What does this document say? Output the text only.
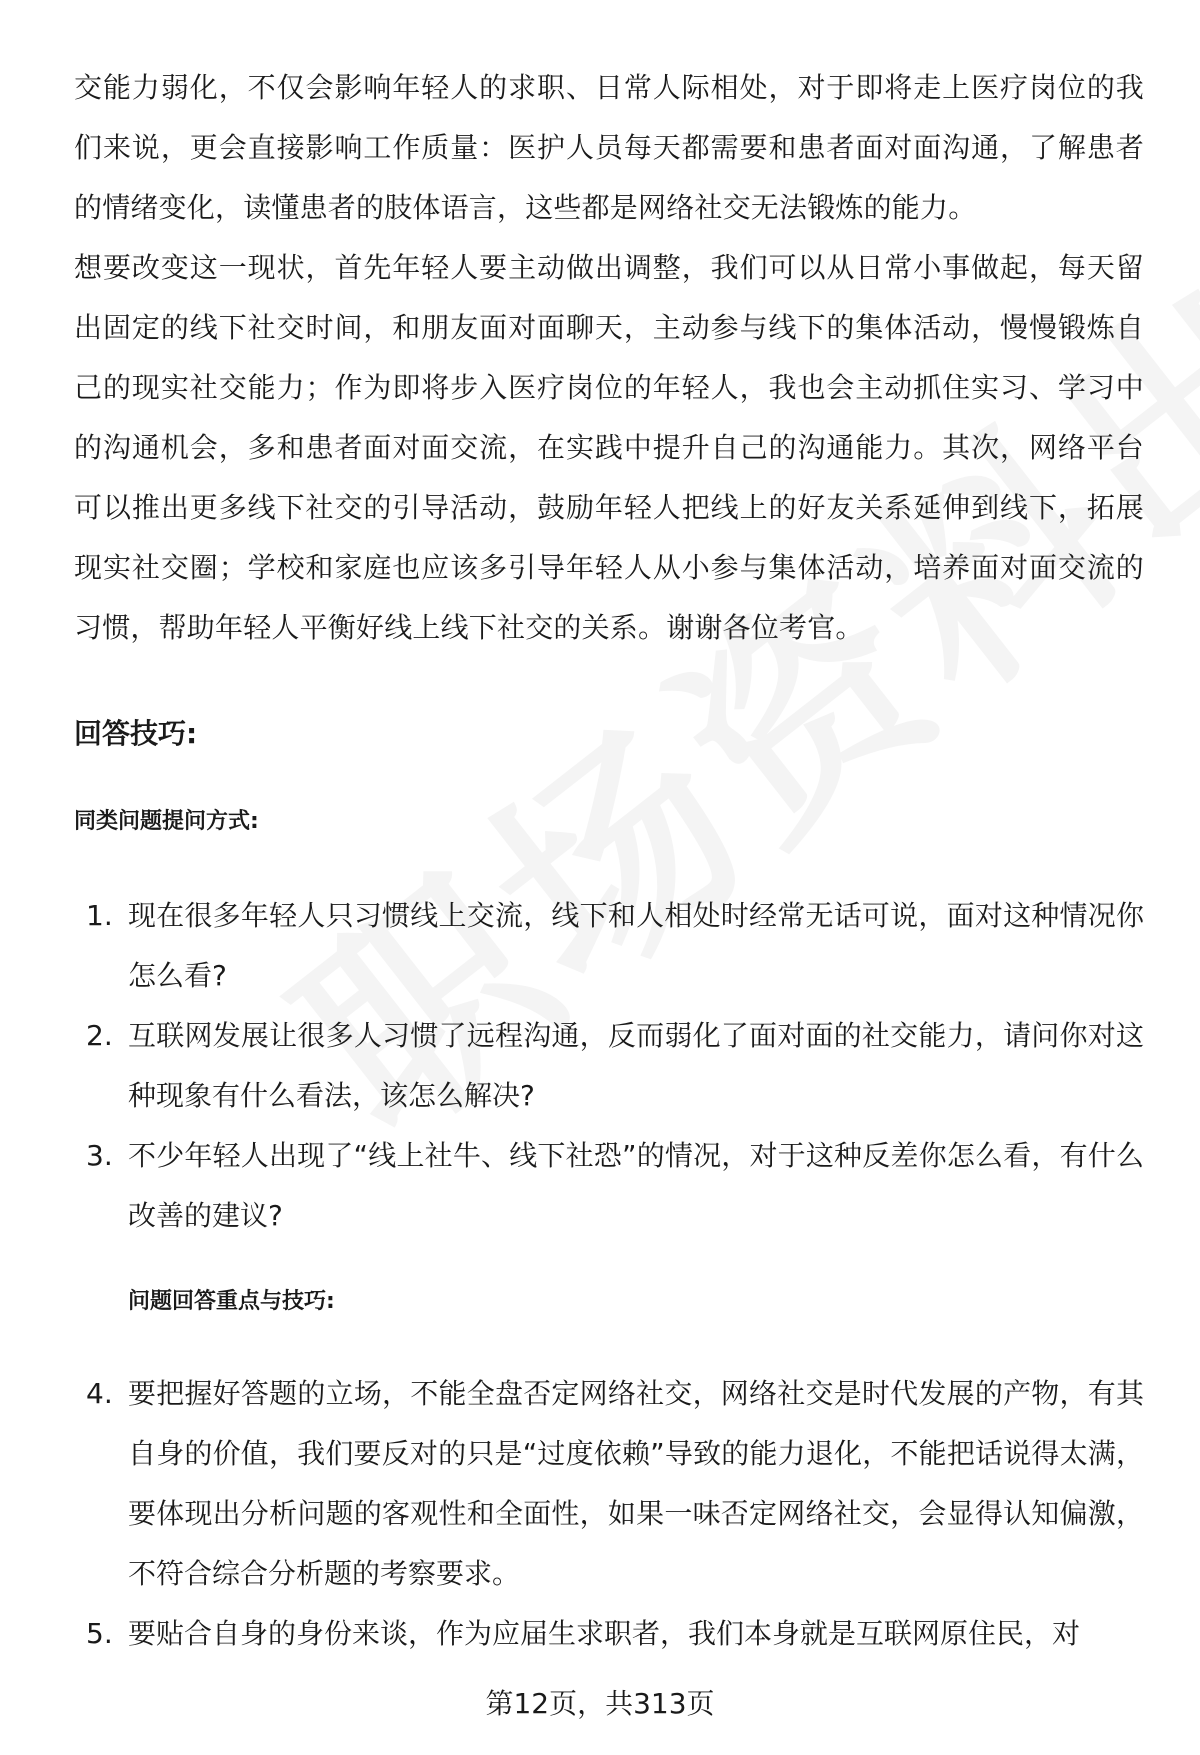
交能力弱化，不仅会影响年轻人的求职、日常人际相处，对于即将走上医疗岗位的我们来说，更会直接影响工作质量：医护人员每天都需要和患者面对面沟通，了解患者的情绪变化，读懂患者的肢体语言，这些都是网络社交无法锻炼的能力。

想要改变这一现状，首先年轻人要主动做出调整，我们可以从日常小事做起，每天留出固定的线下社交时间，和朋友面对面聊天，主动参与线下的集体活动，慢慢锻炼自己的现实社交能力；作为即将步入医疗岗位的年轻人，我也会主动抓住实习、学习中的沟通机会，多和患者面对面交流，在实践中提升自己的沟通能力。其次，网络平台可以推出更多线下社交的引导活动，鼓励年轻人把线上的好友关系延伸到线下，拓展现实社交圈；学校和家庭也应该多引导年轻人从小参与集体活动，培养面对面交流的习惯，帮助年轻人平衡好线上线下社交的关系。谢谢各位考官。

回答技巧:
同类问题提问方式:
1. 现在很多年轻人只习惯线上交流，线下和人相处时经常无话可说，面对这种情况你怎么看?
2. 互联网发展让很多人习惯了远程沟通，反而弱化了面对面的社交能力，请问你对这种现象有什么看法，该怎么解决?
3. 不少年轻人出现了“线上社牛、线下社恐”的情况，对于这种反差你怎么看，有什么改善的建议?
问题回答重点与技巧:
4. 要把握好答题的立场，不能全盘否定网络社交，网络社交是时代发展的产物，有其自身的价值，我们要反对的只是“过度依赖”导致的能力退化，不能把话说得太满，要体现出分析问题的客观性和全面性，如果一味否定网络社交，会显得认知偏激，不符合综合分析题的考察要求。
5. 要贴合自身的身份来谈，作为应届生求职者，我们本身就是互联网原住民，对
第12页，共313页
